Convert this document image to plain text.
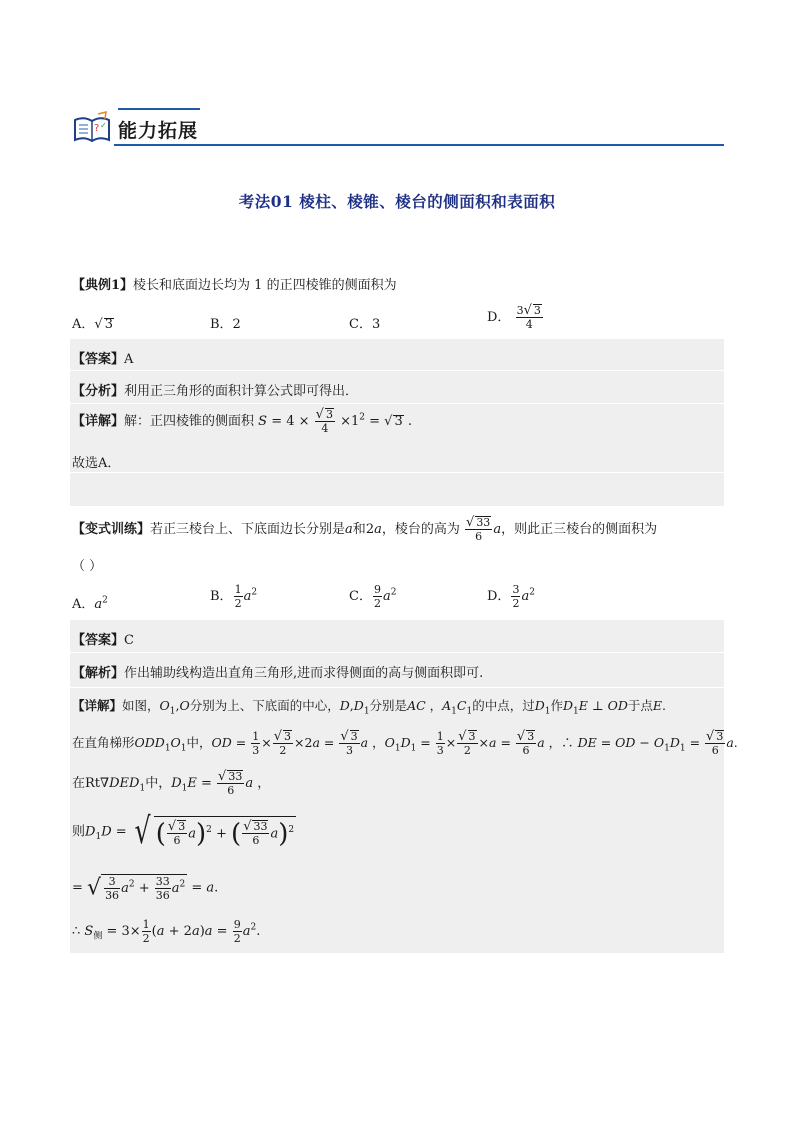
? ✓ 能力拓展
考法01 棱柱、棱锥、棱台的侧面积和表面积
【典例1】棱长和底面边长均为 1 的正四棱锥的侧面积为
A．√ 3	B．2	C．3	D． $\frac{3√ 3}{4}$
【答案】A
【分析】利用正三角形的面积计算公式即可得出．
【详解】解：正四棱锥的侧面积 $S = 4 \times \frac{√ 3}{4} \times 1^2$ = √ 3 .
故选A．
【变式训练】若正三棱台上、下底面边长分别是a和2a，棱台的高为 $\frac{√ 33}{6}$ a，则此正三棱台的侧面积为
（ ）
A．$a^2$	B． $\frac{1}{2} a^2$	C． $\frac{9}{2} a^2$	D． $\frac{3}{2} a^2$
【答案】C
【解析】作出辅助线构造出直角三角形,进而求得侧面的高与侧面积即可.
【详解】如图，$O_1,O$分别为上、下底面的中心，$D,D_1$分别是AC ，$A_1C_1$的中点，过$D_1$作$D_1E$ ⊥ OD于点E.
在直角梯形$ODD_1O_1$中，OD = $\frac{1}{3} \times \frac{√ 3}{2} \times 2a = \frac{√ 3}{3}$ a ，$O_1D_1 = \frac{1}{3} \times \frac{√ 3}{2} \times a = \frac{√ 3}{6}$ a ，∴ DE = OD − $O_1D_1 = \frac{√ 3}{6} a$.
在$Rt\nabla DED_1$中，$D_1E = \frac{√ 33}{6}$ a ，
则$D_1D$ = √ ( $\frac{√ 3}{6} a)^2$ + ( $\frac{√ 33}{6} a)^2$
= √ $\frac{3}{36} a^2 + \frac{33}{36} a^2 = a$.
∴ $S_侧 = 3\times \frac{1}{2} (a + 2a)a = \frac{9}{2} a^2$.
